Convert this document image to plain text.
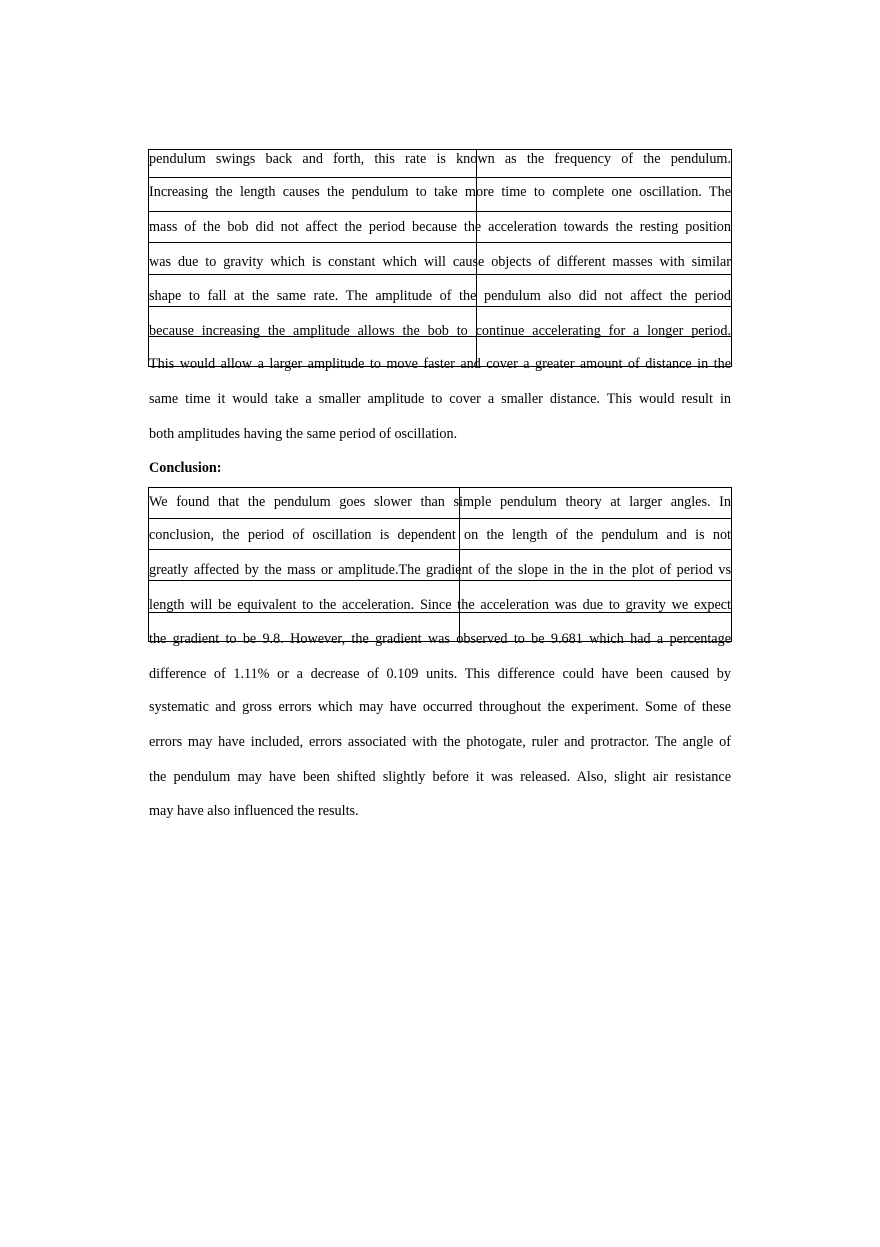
pendulum swings back and forth, this rate is known as the frequency of the pendulum.
Increasing the length causes the pendulum to take more time to complete one oscillation. The
mass of the bob did not affect the period because the acceleration towards the resting position
was due to gravity which is constant which will cause objects of different masses with similar
shape to fall at the same rate. The amplitude of the pendulum also did not affect the period
because increasing the amplitude allows the bob to continue accelerating for a longer period.
This would allow a larger amplitude to move faster and cover a greater amount of distance in the
same time it would take a smaller amplitude to cover a smaller distance. This would result in
both amplitudes having the same period of oscillation.
Conclusion:
We found that the pendulum goes slower than simple pendulum theory at larger angles. In
conclusion, the period of oscillation is dependent on the length of the pendulum and is not
greatly affected by the mass or amplitude.The gradient of the slope in the in the plot of period vs
length will be equivalent to the acceleration. Since the acceleration was due to gravity we expect
the gradient to be 9.8. However, the gradient was observed to be 9.681 which had a percentage
difference of 1.11% or a decrease of 0.109 units. This difference could have been caused by
systematic and gross errors which may have occurred throughout the experiment. Some of these
errors may have included, errors associated with the photogate, ruler and protractor. The angle of
the pendulum may have been shifted slightly before it was released. Also, slight air resistance
may have also influenced the results.
